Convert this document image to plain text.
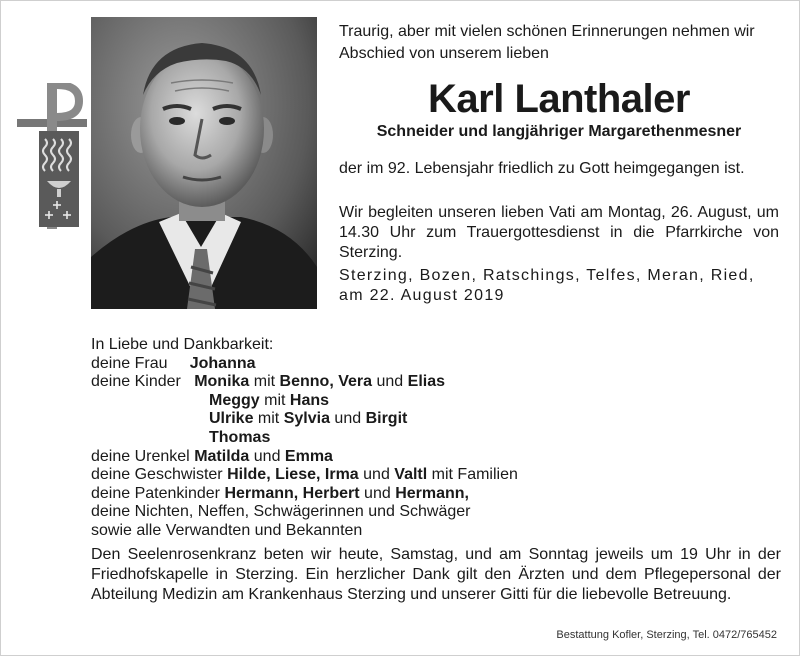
Traurig, aber mit vielen schönen Erinnerungen nehmen wir Abschied von unserem lieben
Karl Lanthaler
Schneider und langjähriger Margarethenmesner
der im 92. Lebensjahr friedlich zu Gott heimgegangen ist.
Wir begleiten unseren lieben Vati am Montag, 26. August, um 14.30 Uhr zum Trauergottesdienst in die Pfarrkirche von Sterzing.
Sterzing, Bozen, Ratschings, Telfes, Meran, Ried, am 22. August 2019
In Liebe und Dankbarkeit:
deine Frau Johanna
deine Kinder Monika mit Benno, Vera und Elias
Meggy mit Hans
Ulrike mit Sylvia und Birgit
Thomas
deine Urenkel Matilda und Emma
deine Geschwister Hilde, Liese, Irma und Valtl mit Familien
deine Patenkinder Hermann, Herbert und Hermann,
deine Nichten, Neffen, Schwägerinnen und Schwäger
sowie alle Verwandten und Bekannten
Den Seelenrosenkranz beten wir heute, Samstag, und am Sonntag jeweils um 19 Uhr in der Friedhofskapelle in Sterzing. Ein herzlicher Dank gilt den Ärzten und dem Pflegepersonal der Abteilung Medizin am Krankenhaus Sterzing und unserer Gitti für die liebevolle Betreuung.
Bestattung Kofler, Sterzing, Tel. 0472/765452
